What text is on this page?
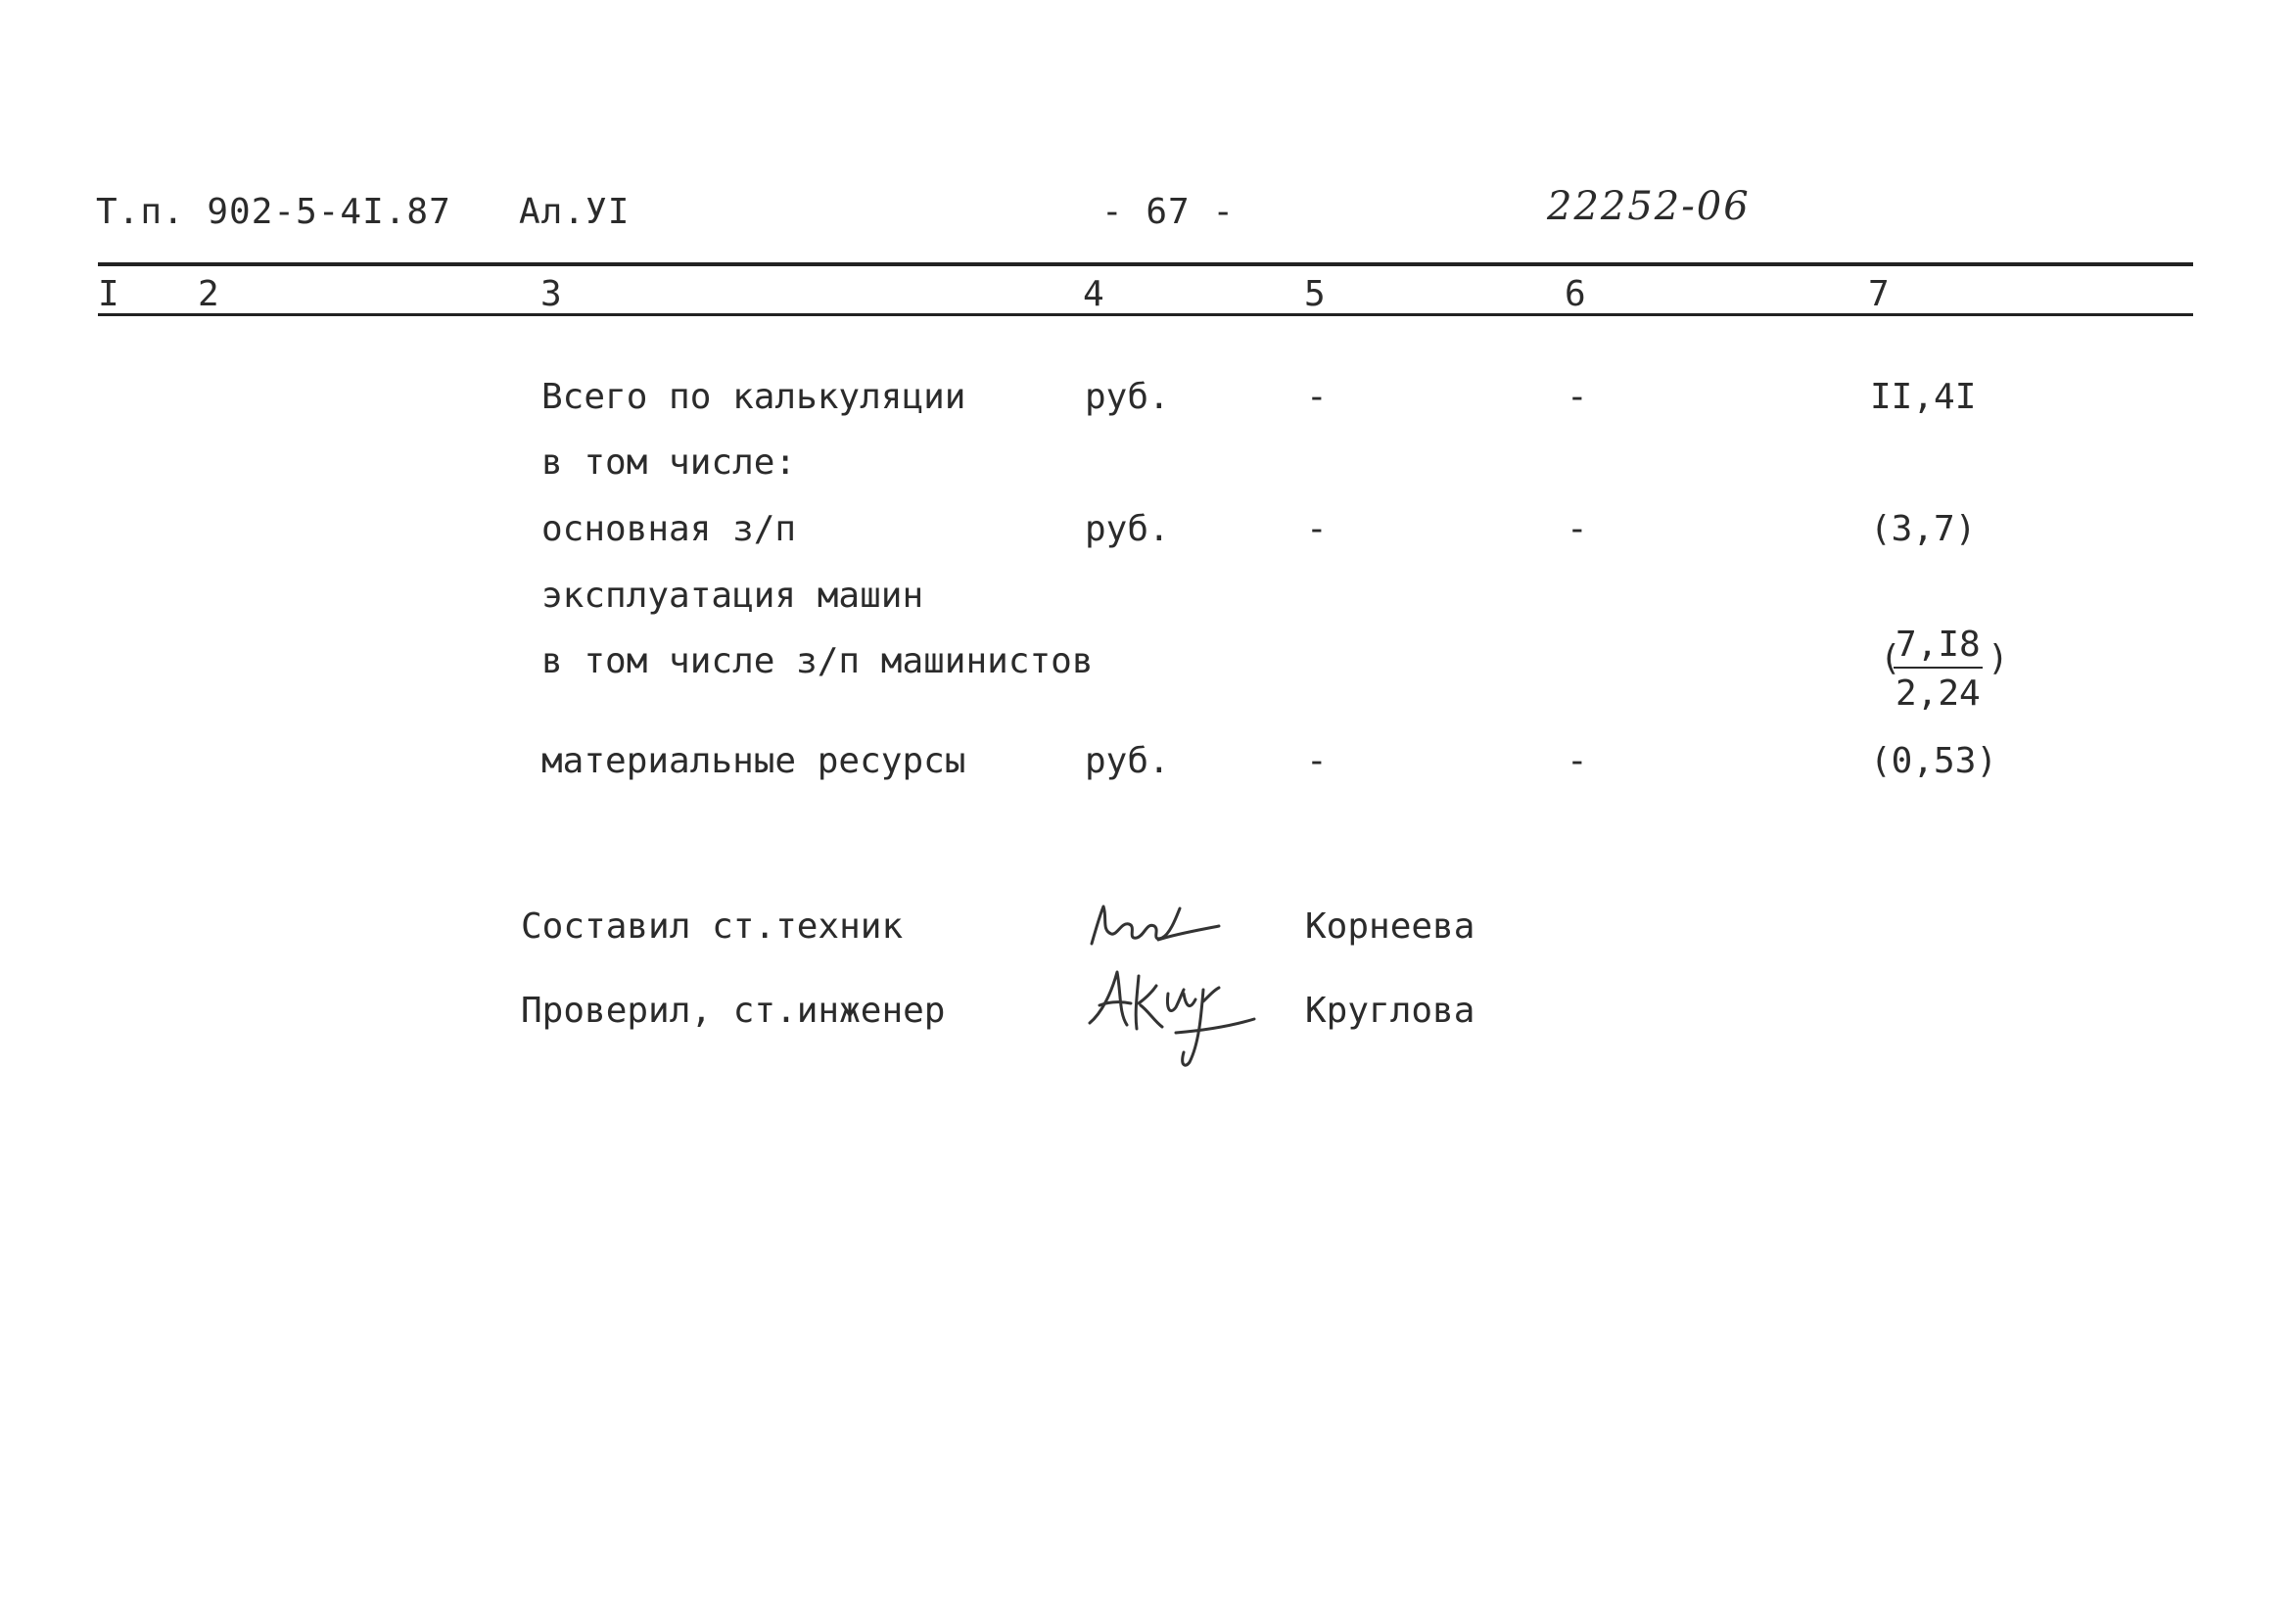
Т.п. 902-5-4I.87 Ал.УI	- 67 -	22252-06
I 2	3	4	5	6	7
Всего по калькуляции	руб.	-	-	II,4I
в том числе:
основная з/п	руб.	-	-	(3,7)
эксплуатация машин
в том числе з/п машинистов	(
7,I8
2,24
)
материальные ресурсы	руб.	-	-	(0,53)
Составил ст.техник	Корнеева
Проверил, ст.инженер	Круглова
